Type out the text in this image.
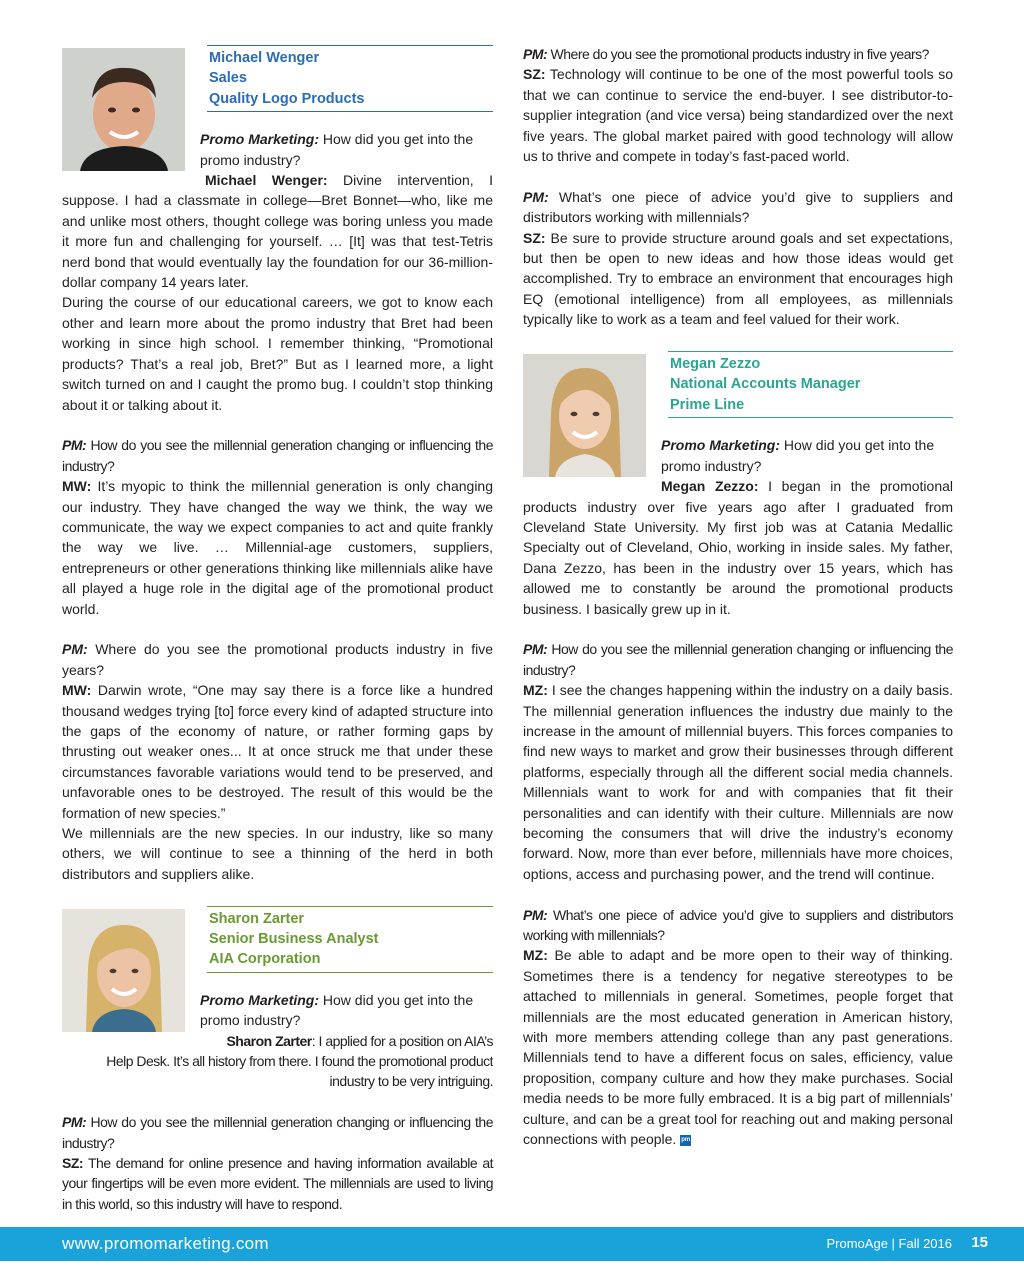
Michael Wenger
Sales
Quality Logo Products

Promo Marketing: How did you get into the promo industry?

Michael Wenger: Divine intervention, I suppose. I had a classmate in college—Bret Bonnet—who, like me and unlike most others, thought college was boring unless you made it more fun and challenging for yourself. … [It] was that test-Tetris nerd bond that would eventually lay the foundation for our 36-million-dollar company 14 years later.

During the course of our educational careers, we got to know each other and learn more about the promo industry that Bret had been working in since high school. I remember thinking, “Promotional products? That’s a real job, Bret?” But as I learned more, a light switch turned on and I caught the promo bug. I couldn’t stop thinking about it or talking about it.

PM: How do you see the millennial generation changing or influencing the industry?

MW: It’s myopic to think the millennial generation is only changing our industry. They have changed the way we think, the way we communicate, the way we expect companies to act and quite frankly the way we live. … Millennial-age customers, suppliers, entrepreneurs or other generations thinking like millennials alike have all played a huge role in the digital age of the promotional product world.

PM: Where do you see the promotional products industry in five years?

MW: Darwin wrote, “One may say there is a force like a hundred thousand wedges trying [to] force every kind of adapted structure into the gaps of the economy of nature, or rather forming gaps by thrusting out weaker ones... It at once struck me that under these circumstances favorable variations would tend to be preserved, and unfavorable ones to be destroyed. The result of this would be the formation of new species.”

We millennials are the new species. In our industry, like so many others, we will continue to see a thinning of the herd in both distributors and suppliers alike.

Sharon Zarter
Senior Business Analyst
AIA Corporation

Promo Marketing: How did you get into the promo industry?

Sharon Zarter: I applied for a position on AIA’s Help Desk. It’s all history from there. I found the promotional product industry to be very intriguing.

PM: How do you see the millennial generation changing or influencing the industry?

SZ: The demand for online presence and having information available at your fingertips will be even more evident. The millennials are used to living in this world, so this industry will have to respond.

PM: Where do you see the promotional products industry in five years?

SZ: Technology will continue to be one of the most powerful tools so that we can continue to service the end-buyer. I see distributor-to-supplier integration (and vice versa) being standardized over the next five years. The global market paired with good technology will allow us to thrive and compete in today’s fast-paced world.

PM: What’s one piece of advice you’d give to suppliers and distributors working with millennials?

SZ: Be sure to provide structure around goals and set expectations, but then be open to new ideas and how those ideas would get accomplished. Try to embrace an environment that encourages high EQ (emotional intelligence) from all employees, as millennials typically like to work as a team and feel valued for their work.

Megan Zezzo
National Accounts Manager
Prime Line

Promo Marketing: How did you get into the promo industry?

Megan Zezzo: I began in the promotional products industry over five years ago after I graduated from Cleveland State University. My first job was at Catania Medallic Specialty out of Cleveland, Ohio, working in inside sales. My father, Dana Zezzo, has been in the industry over 15 years, which has allowed me to constantly be around the promotional products business. I basically grew up in it.

PM: How do you see the millennial generation changing or influencing the industry?

MZ: I see the changes happening within the industry on a daily basis. The millennial generation influences the industry due mainly to the increase in the amount of millennial buyers. This forces companies to find new ways to market and grow their businesses through different platforms, especially through all the different social media channels. Millennials want to work for and with companies that fit their personalities and can identify with their culture. Millennials are now becoming the consumers that will drive the industry’s economy forward. Now, more than ever before, millennials have more choices, options, access and purchasing power, and the trend will continue.

PM: What’s one piece of advice you’d give to suppliers and distributors working with millennials?

MZ: Be able to adapt and be more open to their way of thinking. Sometimes there is a tendency for negative stereotypes to be attached to millennials in general. Sometimes, people forget that millennials are the most educated generation in American history, with more members attending college than any past generations. Millennials tend to have a different focus on sales, efficiency, value proposition, company culture and how they make purchases. Social media needs to be more fully embraced. It is a big part of millennials’ culture, and can be a great tool for reaching out and making personal connections with people. pm

www.promomarketing.com	PromoAge | Fall 2016 15
